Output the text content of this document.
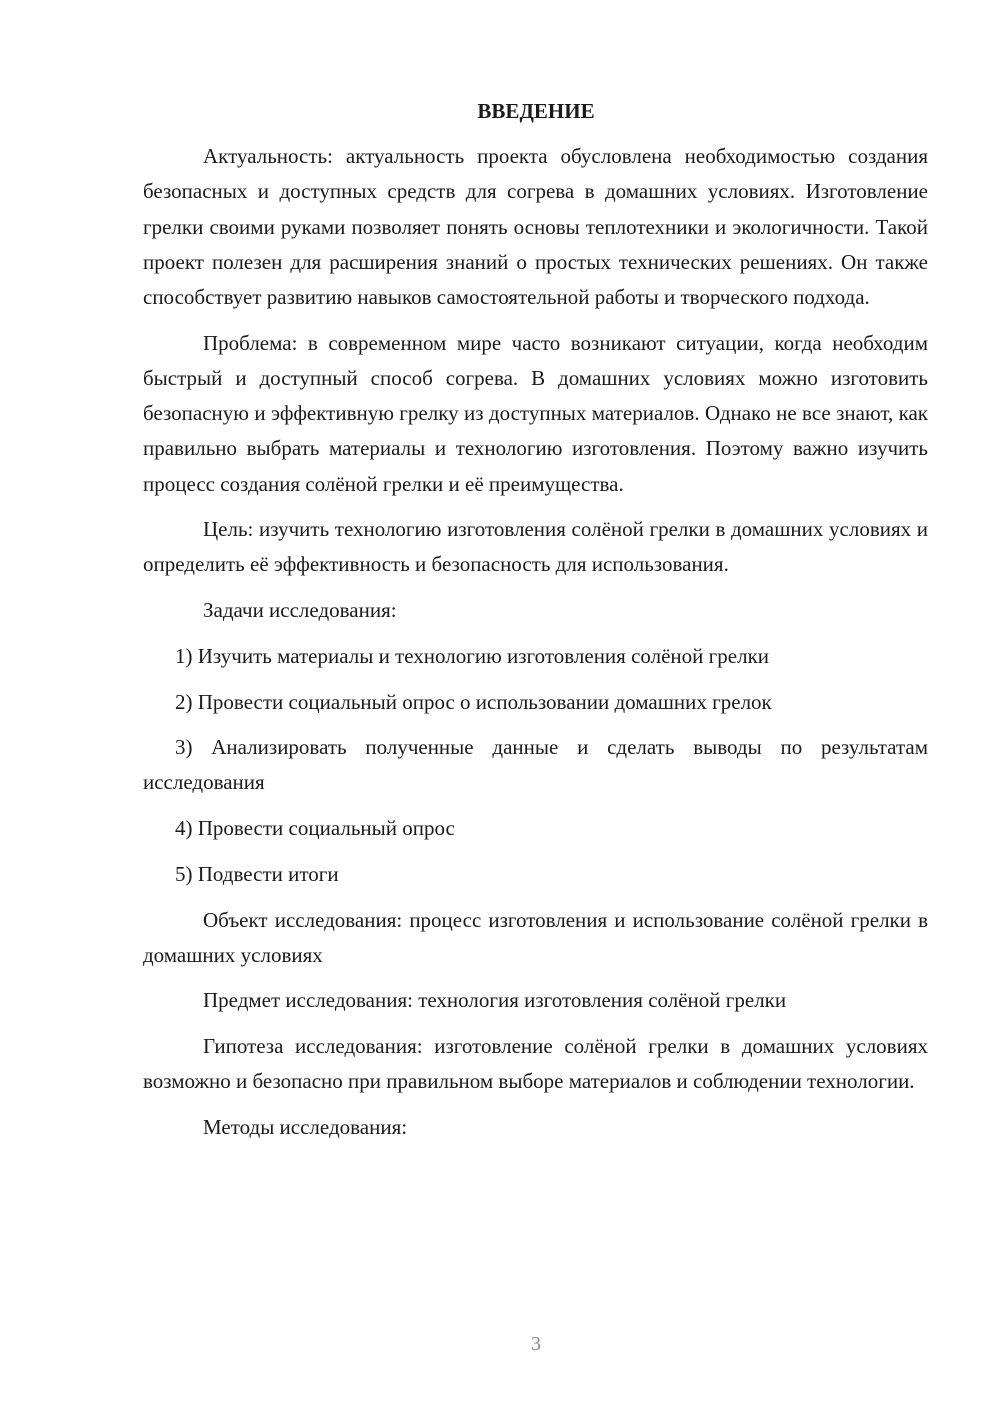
ВВЕДЕНИЕ

Актуальность: актуальность проекта обусловлена необходимостью создания безопасных и доступных средств для согрева в домашних условиях. Изготовление грелки своими руками позволяет понять основы теплотехники и экологичности. Такой проект полезен для расширения знаний о простых технических решениях. Он также способствует развитию навыков самостоятельной работы и творческого подхода.

Проблема: в современном мире часто возникают ситуации, когда необходим быстрый и доступный способ согрева. В домашних условиях можно изготовить безопасную и эффективную грелку из доступных материалов. Однако не все знают, как правильно выбрать материалы и технологию изготовления. Поэтому важно изучить процесс создания солёной грелки и её преимущества.

Цель: изучить технологию изготовления солёной грелки в домашних условиях и определить её эффективность и безопасность для использования.

Задачи исследования:

1) Изучить материалы и технологию изготовления солёной грелки

2) Провести социальный опрос о использовании домашних грелок

3) Анализировать полученные данные и сделать выводы по результатам исследования

4) Провести социальный опрос

5) Подвести итоги

Объект исследования: процесс изготовления и использование солёной грелки в домашних условиях

Предмет исследования: технология изготовления солёной грелки

Гипотеза исследования: изготовление солёной грелки в домашних условиях возможно и безопасно при правильном выборе материалов и соблюдении технологии.

Методы исследования:

3
